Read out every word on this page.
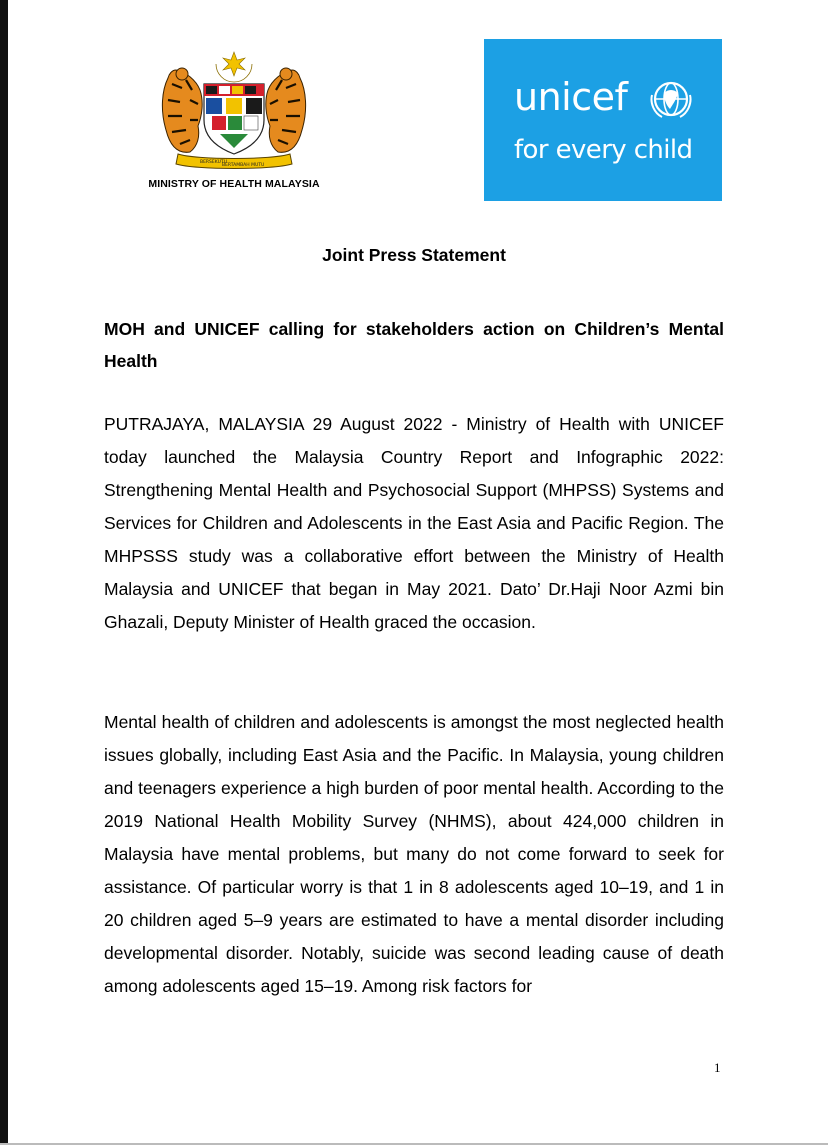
BERSEKUTU
BERTAMBAH MUTU
MINISTRY OF HEALTH MALAYSIA
unicef
for every child
Joint Press Statement

MOH and UNICEF calling for stakeholders action on Children’s Mental Health

PUTRAJAYA, MALAYSIA 29 August 2022 - Ministry of Health with UNICEF today launched the Malaysia Country Report and Infographic 2022: Strengthening Mental Health and Psychosocial Support (MHPSS) Systems and Services for Children and Adolescents in the East Asia and Pacific Region. The MHPSSS study was a collaborative effort between the Ministry of Health Malaysia and UNICEF that began in May 2021. Dato’ Dr.Haji Noor Azmi bin Ghazali, Deputy Minister of Health graced the occasion.

Mental health of children and adolescents is amongst the most neglected health issues globally, including East Asia and the Pacific. In Malaysia, young children and teenagers experience a high burden of poor mental health. According to the 2019 National Health Mobility Survey (NHMS), about 424,000 children in Malaysia have mental problems, but many do not come forward to seek for assistance. Of particular worry is that 1 in 8 adolescents aged 10–19, and 1 in 20 children aged 5–9 years are estimated to have a mental disorder including developmental disorder. Notably, suicide was second leading cause of death among adolescents aged 15–19. Among risk factors for

1
